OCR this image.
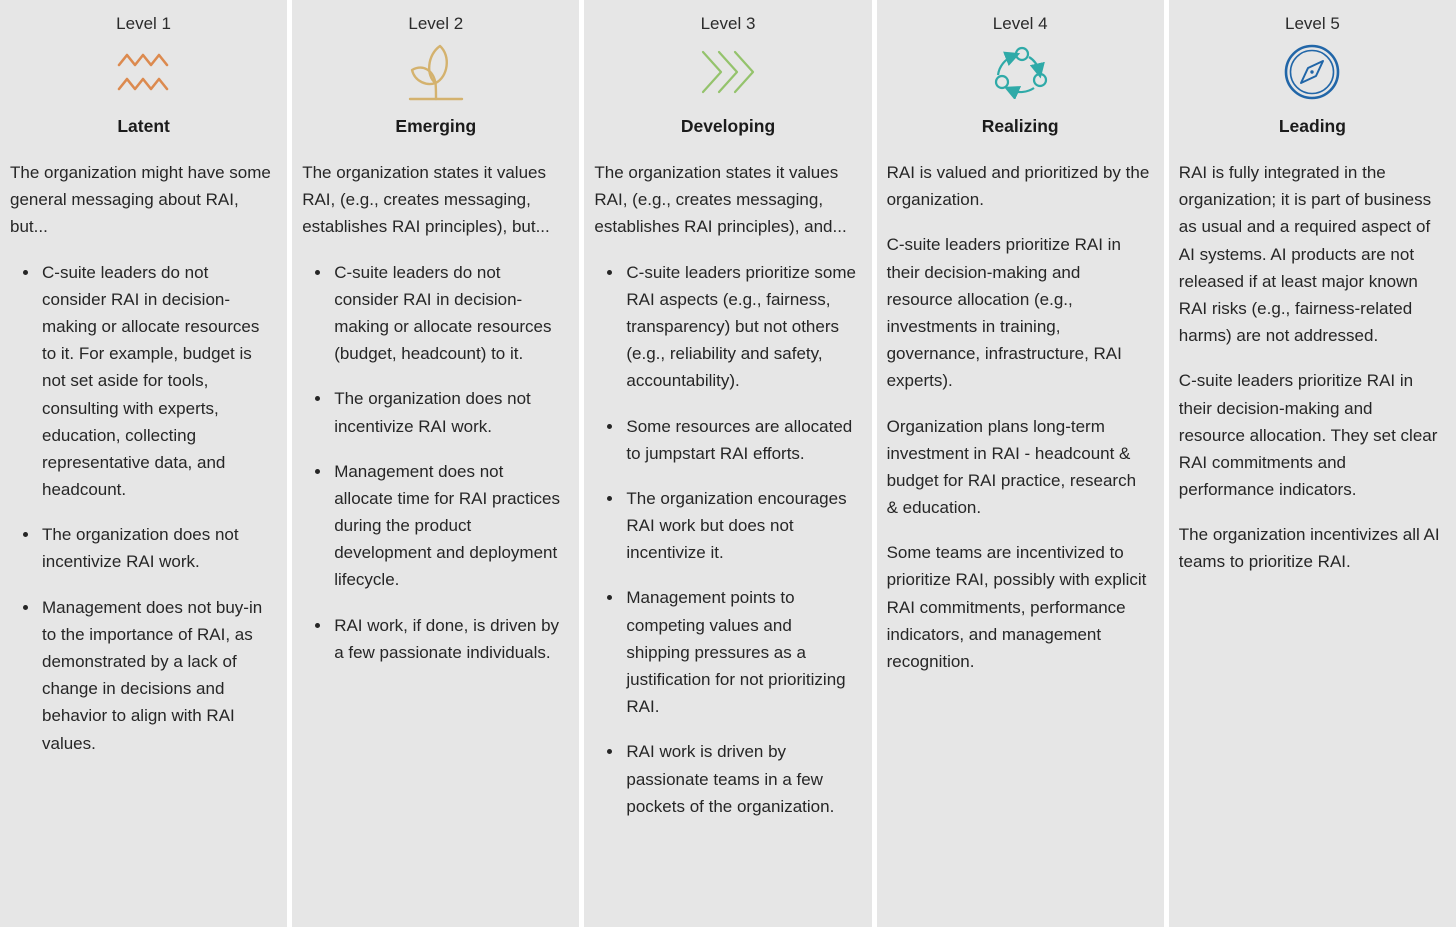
Level 1
Latent

The organization might have some general messaging about RAI, but...

• C-suite leaders do not consider RAI in decision-making or allocate resources to it. For example, budget is not set aside for tools, consulting with experts, education, collecting representative data, and headcount.
• The organization does not incentivize RAI work.
• Management does not buy-in to the importance of RAI, as demonstrated by a lack of change in decisions and behavior to align with RAI values.
Level 2
Emerging

The organization states it values RAI, (e.g., creates messaging, establishes RAI principles), but...

• C-suite leaders do not consider RAI in decision-making or allocate resources (budget, headcount) to it.
• The organization does not incentivize RAI work.
• Management does not allocate time for RAI practices during the product development and deployment lifecycle.
• RAI work, if done, is driven by a few passionate individuals.
Level 3
Developing

The organization states it values RAI, (e.g., creates messaging, establishes RAI principles), and...

• C-suite leaders prioritize some RAI aspects (e.g., fairness, transparency) but not others (e.g., reliability and safety, accountability).
• Some resources are allocated to jumpstart RAI efforts.
• The organization encourages RAI work but does not incentivize it.
• Management points to competing values and shipping pressures as a justification for not prioritizing RAI.
• RAI work is driven by passionate teams in a few pockets of the organization.
Level 4
Realizing

RAI is valued and prioritized by the organization.

C-suite leaders prioritize RAI in their decision-making and resource allocation (e.g., investments in training, governance, infrastructure, RAI experts).

Organization plans long-term investment in RAI - headcount & budget for RAI practice, research & education.

Some teams are incentivized to prioritize RAI, possibly with explicit RAI commitments, performance indicators, and management recognition.

Level 5
Leading

RAI is fully integrated in the organization; it is part of business as usual and a required aspect of AI systems. AI products are not released if at least major known RAI risks (e.g., fairness-related harms) are not addressed.

C-suite leaders prioritize RAI in their decision-making and resource allocation. They set clear RAI commitments and performance indicators.

The organization incentivizes all AI teams to prioritize RAI.
